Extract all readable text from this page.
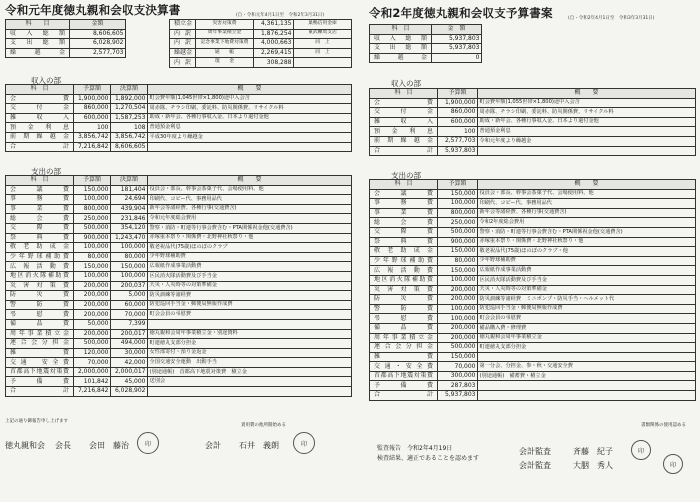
令和元年度徳丸親和会収支決算書	(自・令和元年4月1日至　令和2年3月31日)
科　　目	金額
収入総額	8,606,605
支出総額	6,028,902
繰越金	2,577,703
積立金	災害対策費	4,361,135	巣鴨信用金庫
内訳	周年事業積立金	1,876,254	東武練馬支店
内訳	記念事業下地費対策費	4,000,663	同　上
繰越金	通　　帳	2,269,415	同　上
内訳	現　　金	308,288	
収入の部
科　目	予算額	決算額	概　　要
会費	1,900,000	1,892,000	町会費年額(1,045世帯×1,800)途中入会含
交付金	860,000	1,270,504	周赤隊、チラシ印刷、委託料、防災関係費、リサイクル料
雑収入	600,000	1,587,253	助成・新年会、各種行事収入金、日本より還付金他
預金利息	100	108	普通預金利息
前期繰越金	3,856,742	3,856,742	平成30年度より繰越金
合計	7,216,842	8,606,605	
支出の部
科　目	予算額	決算額	概　　要
会議費	150,000	181,404	役員会・部長、幹事会茶菓子代、会場使用料、他
事務費	100,000	24,694	印刷代、コピー代、事務用品代
事業費	800,000	439,904	新年会等諸経費、各種行事(交通費含)
総会費	250,000	231,846	令和元年度総会費用
交際費	500,000	354,120	警察・消防・町連等行事会費含む・PTA関係祝金他(交通費含)
祭典費	900,000	1,243,470	赤塚重本祭り・関係費・北野神社秋祭り・他
敬老助成金	100,000	100,000	敬老祝品代(75歳)ほのぼのクラブ
少年野球補助費	80,000	80,000	少年野球補助費
広報活動費	150,000	150,000	広報紙作成事業活動費
地区消火隊補助費	100,000	100,000	区民消火隊活動費及び手当金
災害対策費	200,000	200,037	天災・人災時等の対策準備金
防災費	200,000	5,000	防災訓練等諸経費
警防費	200,000	60,000	防犯巡回手当金・郵便局無報作成費
弔慰費	200,000	70,000	町会会員の弔慰費
備品費	50,000	7,399	
周年事業積立金	200,000	200,017	徳丸親和会周年事業積立金・別途資料
連合会分担金	500,000	494,000	町連徳丸支部分担金
雑費	120,000	30,000	女性部寄付・預り金返金
交通　安全費	70,000	42,000	全国交通安全運動　出動手当
首都高下地震対策費	2,000,000	2,000,017	(別途通帳)　首都高下地震対策費　積立金
予備費	101,842	45,000	送別会
合　計	7,216,842	6,028,902	
上記の通り御報告申し上げます
貴用費の他所開始める
徳丸親和会 会長 会田　藤治	印	会計 石井　義朗	印
令和2年度徳丸親和会収支予算書案	(自・令和2年4月1日至　令和3年3月31日)
科　目	金　額
収入総額	5,937,803
支出総額	5,937,803
繰越金	0
収入の部
科　目	予算額	概　　要
会費	1,900,000	町会費年額(1,055世帯×1,800)途中入会含
交付金	860,000	周赤隊、チラシ印刷、委託料、防災関係費、リサイクル料
雑収入	600,000	助成・新年会、各種行事収入金、日本より還付金他
預金利息	100	普通預金利息
前期繰越金	2,577,703	令和元年度より繰越金
合計	5,937,803	
支出の部
科　目	予算額	概　　要
会議費	150,000	役員会・部長、幹事会茶菓子代、会場使用料、他
事務費	100,000	印刷代、コピー代、事務用品代
事業費	800,000	新年会等諸経費、各種行事(交通費含)
総会費	250,000	令和2年度総会費用
交際費	500,000	警察・消防・町連等行事会費含む・PTA関係祝金他(交通費含)
祭典費	900,000	赤塚重本祭り・関係費・北野神社秋祭り・他
敬老助成金	150,000	敬老祝品代(75歳)ほのぼのクラブ・他
少年野球補助費	80,000	少年野球補助費
広報活動費	150,000	広報紙作成事業活動費
地区消火隊補助費	100,000	区民消火隊活動費及び手当金
災害対策費	200,000	天災・人災時等の対策準備金
防災費	200,000	防災訓練等諸経費　ミニポンプ・防災手当・ヘルメット代
警防費	100,000	防犯巡回手当金・郵便局無報作成費
弔慰費	100,000	町会会員の弔慰費
備品費	200,000	備品購入費・修理費
周年事業積立金	200,000	徳丸親和会周年事業積立金
連合会分担金	500,000	町連徳丸支部分担金
雑費	150,000	
交通・安全費	70,000	第一分会、分担金、参・秋・交通安全費
首都高下地震対策費	300,000	(別途通帳)　備蓄費・積立金
予備費	287,803	
合　計	5,937,803	
書類関係の使用認める
監査報告　令和2年4月19日
検査結果、適正であることを認めます
会計監査	斉藤　紀子	印
会計監査	大胭　秀人	印
